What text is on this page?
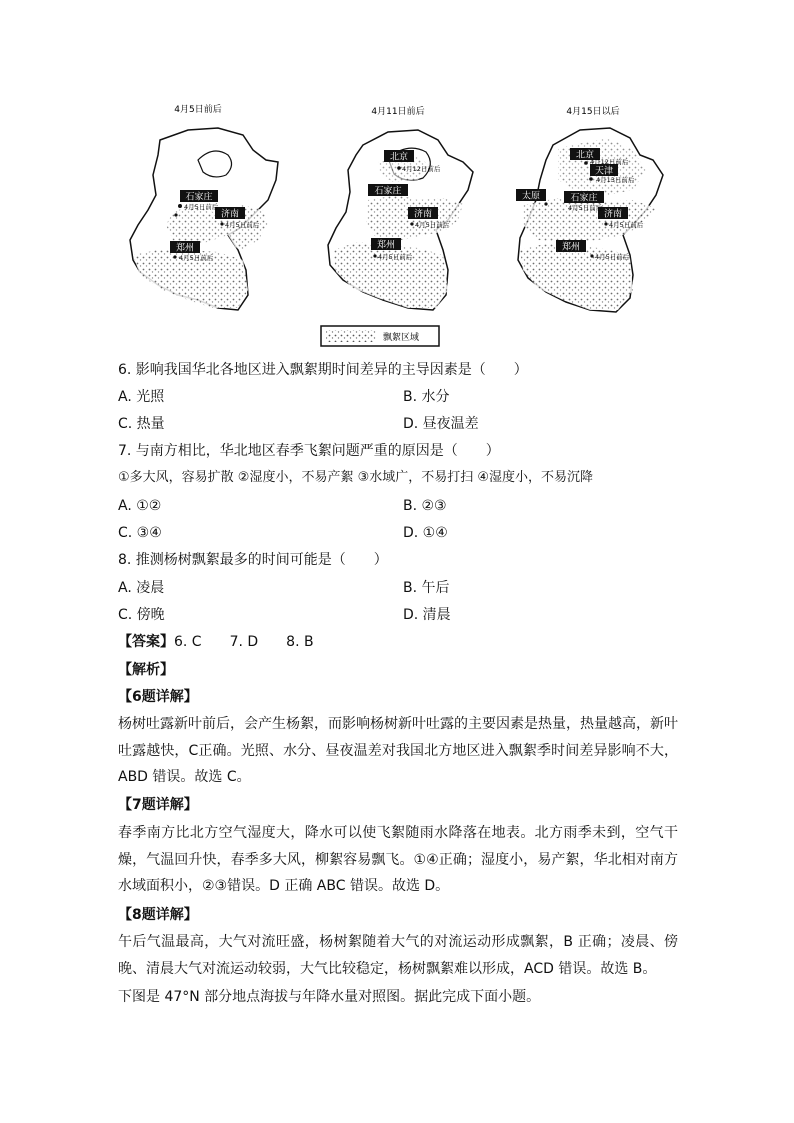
4月5日前后	4月11日前后	4月15日以后
石家庄
济南
郑州
4月5日前后
4月5日前后
4月5日前后
北京
石家庄
济南
郑州
4月12日前后
4月5日前后
4月5日前后
北京
天津
太原	石家庄
济南
郑州
4月12日前后
4月13日前后
4月5日前后
4月5日前后
4月5日前后
飘絮区域
6. 影响我国华北各地区进入飘絮期时间差异的主导因素是（　　）
A. 光照	B. 水分
C. 热量	D. 昼夜温差
7. 与南方相比，华北地区春季飞絮问题严重的原因是（　　）
①多大风，容易扩散 ②湿度小，不易产絮 ③水域广，不易打扫 ④湿度小，不易沉降
A. ①②	B. ②③
C. ③④	D. ①④
8. 推测杨树飘絮最多的时间可能是（　　）
A. 凌晨	B. 午后
C. 傍晚	D. 清晨
【答案】6. C　　7. D　　8. B
【解析】
【6题详解】
杨树吐露新叶前后，会产生杨絮，而影响杨树新叶吐露的主要因素是热量，热量越高，新叶吐露越快，C正确。光照、水分、昼夜温差对我国北方地区进入飘絮季时间差异影响不大，ABD 错误。故选 C。
【7题详解】
春季南方比北方空气湿度大，降水可以使飞絮随雨水降落在地表。北方雨季未到，空气干燥，气温回升快，春季多大风，柳絮容易飘飞。①④正确；湿度小，易产絮，华北相对南方水域面积小，②③错误。D 正确 ABC 错误。故选 D。
【8题详解】
午后气温最高，大气对流旺盛，杨树絮随着大气的对流运动形成飘絮，B 正确；凌晨、傍晚、清晨大气对流运动较弱，大气比较稳定，杨树飘絮难以形成，ACD 错误。故选 B。
下图是 47°N 部分地点海拔与年降水量对照图。据此完成下面小题。
